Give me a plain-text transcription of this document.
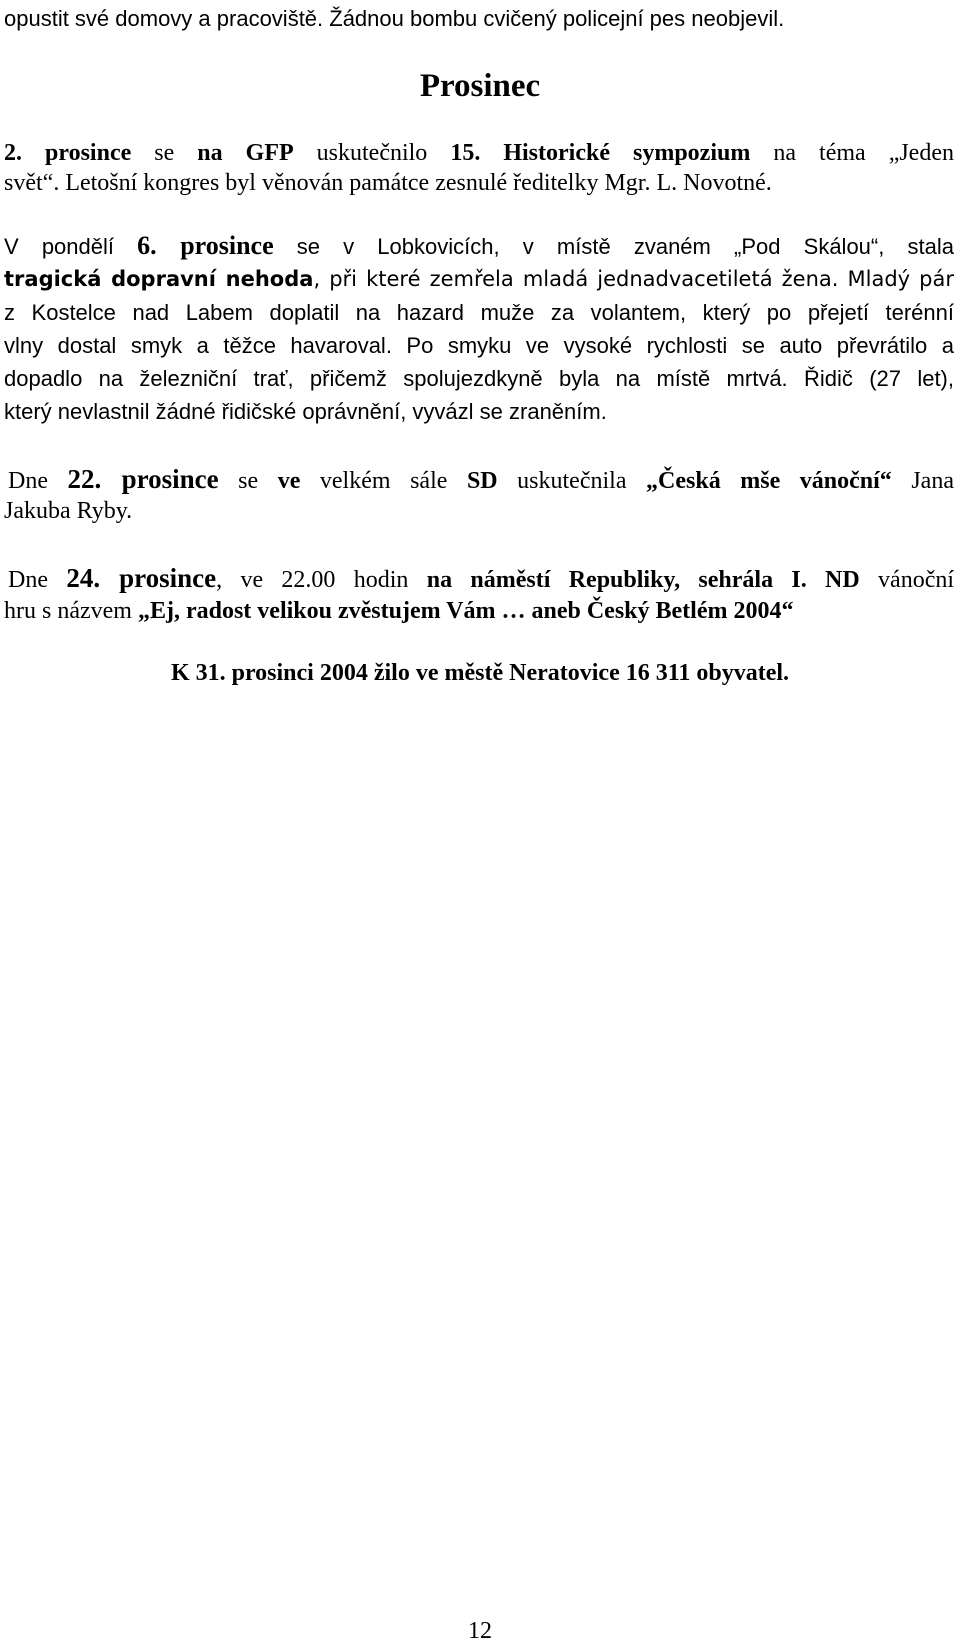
opustit své domovy a pracoviště. Žádnou bombu cvičený policejní pes neobjevil.
Prosinec
2. prosince se na GFP uskutečnilo 15. Historické sympozium na téma „Jeden
svět“. Letošní kongres byl věnován památce zesnulé ředitelky Mgr. L. Novotné.
V pondělí 6. prosince se v Lobkovicích, v místě zvaném „Pod Skálou“, stala
tragická dopravní nehoda, při které zemřela mladá jednadvacetiletá žena. Mladý pár
z Kostelce nad Labem doplatil na hazard muže za volantem, který po přejetí terénní
vlny dostal smyk a těžce havaroval. Po smyku ve vysoké rychlosti se auto převrátilo a
dopadlo na železniční trať, přičemž spolujezdkyně byla na místě mrtvá. Řidič (27 let),
který nevlastnil žádné řidičské oprávnění, vyvázl se zraněním.
Dne 22. prosince se ve velkém sále SD uskutečnila „Česká mše vánoční“ Jana
Jakuba Ryby.
Dne 24. prosince, ve 22.00 hodin na náměstí Republiky, sehrála I. ND vánoční
hru s názvem „Ej, radost velikou zvěstujem Vám … aneb Český Betlém 2004“
K 31. prosinci 2004 žilo ve městě Neratovice 16 311 obyvatel.
12
